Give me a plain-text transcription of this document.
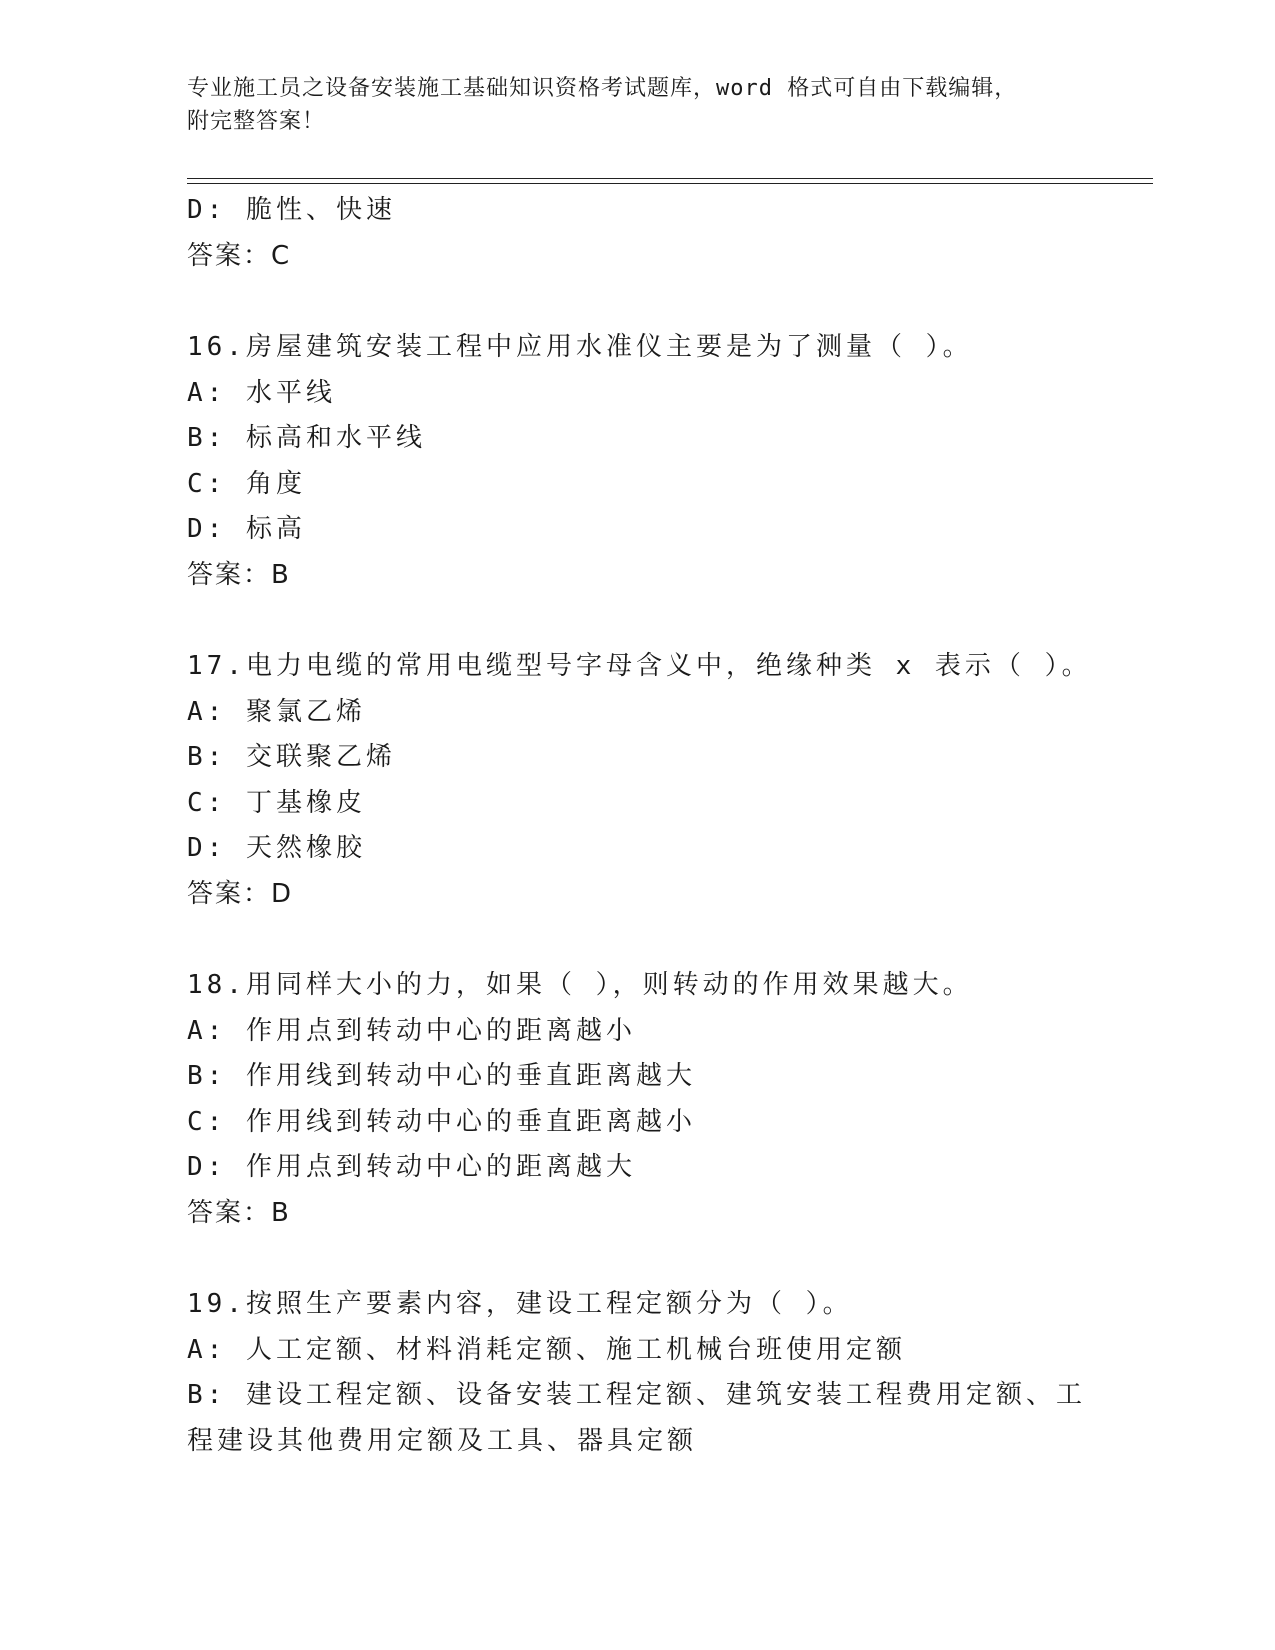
专业施工员之设备安装施工基础知识资格考试题库，word 格式可自由下载编辑，
附完整答案！
D: 脆性、快速
答案：C
16.房屋建筑安装工程中应用水准仪主要是为了测量（ ）。
A: 水平线
B: 标高和水平线
C: 角度
D: 标高
答案：B
17.电力电缆的常用电缆型号字母含义中，绝缘种类 x 表示（ ）。
A: 聚氯乙烯
B: 交联聚乙烯
C: 丁基橡皮
D: 天然橡胶
答案：D
18.用同样大小的力，如果（ ），则转动的作用效果越大。
A: 作用点到转动中心的距离越小
B: 作用线到转动中心的垂直距离越大
C: 作用线到转动中心的垂直距离越小
D: 作用点到转动中心的距离越大
答案：B
19.按照生产要素内容，建设工程定额分为（ ）。
A: 人工定额、材料消耗定额、施工机械台班使用定额
B: 建设工程定额、设备安装工程定额、建筑安装工程费用定额、工程建设其他费用定额及工具、器具定额
